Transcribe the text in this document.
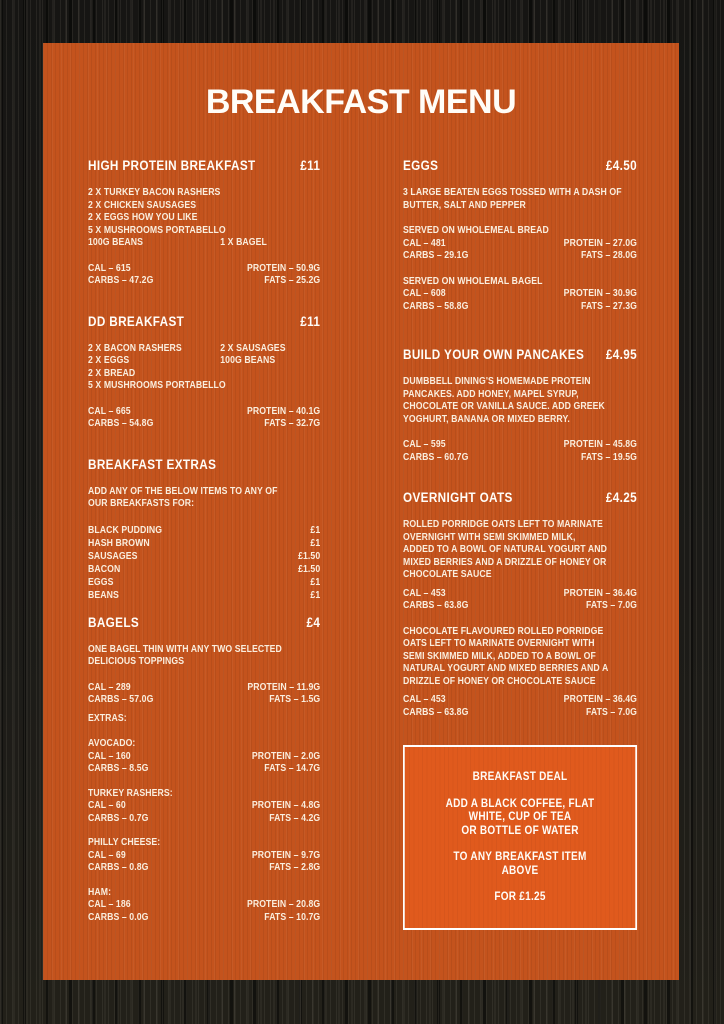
BREAKFAST MENU
HIGH PROTEIN BREAKFAST	£11
2 X TURKEY BACON RASHERS
2 X CHICKEN SAUSAGES
2 X EGGS HOW YOU LIKE
5 X MUSHROOMS PORTABELLO
100G BEANS	1 X BAGEL
CAL – 615	PROTEIN – 50.9G
CARBS – 47.2G	FATS – 25.2G
DD BREAKFAST	£11
2 X BACON RASHERS	2 X SAUSAGES
2 X EGGS	100G BEANS
2 X BREAD
5 X MUSHROOMS PORTABELLO
CAL – 665	PROTEIN – 40.1G
CARBS – 54.8G	FATS – 32.7G
BREAKFAST EXTRAS
ADD ANY OF THE BELOW ITEMS TO ANY OF
OUR BREAKFASTS FOR:
BLACK PUDDING	£1
HASH BROWN	£1
SAUSAGES	£1.50
BACON	£1.50
EGGS	£1
BEANS	£1
BAGELS	£4
ONE BAGEL THIN WITH ANY TWO SELECTED
DELICIOUS TOPPINGS
CAL – 289	PROTEIN – 11.9G
CARBS – 57.0G	FATS – 1.5G
EXTRAS:
AVOCADO:
CAL – 160	PROTEIN – 2.0G
CARBS – 8.5G	FATS – 14.7G
TURKEY RASHERS:
CAL – 60	PROTEIN – 4.8G
CARBS – 0.7G	FATS – 4.2G
PHILLY CHEESE:
CAL – 69	PROTEIN – 9.7G
CARBS – 0.8G	FATS – 2.8G
HAM:
CAL – 186	PROTEIN – 20.8G
CARBS – 0.0G	FATS – 10.7G
EGGS	£4.50
3 LARGE BEATEN EGGS TOSSED WITH A DASH OF
BUTTER, SALT AND PEPPER
SERVED ON WHOLEMEAL BREAD
CAL – 481	PROTEIN – 27.0G
CARBS – 29.1G	FATS – 28.0G
SERVED ON WHOLEMAL BAGEL
CAL – 608	PROTEIN – 30.9G
CARBS – 58.8G	FATS – 27.3G
BUILD YOUR OWN PANCAKES £4.95
DUMBBELL DINING'S HOMEMADE PROTEIN
PANCAKES. ADD HONEY, MAPEL SYRUP,
CHOCOLATE OR VANILLA SAUCE. ADD GREEK
YOGHURT, BANANA OR MIXED BERRY.
CAL – 595	PROTEIN – 45.8G
CARBS – 60.7G	FATS – 19.5G
OVERNIGHT OATS	£4.25
ROLLED PORRIDGE OATS LEFT TO MARINATE
OVERNIGHT WITH SEMI SKIMMED MILK,
ADDED TO A BOWL OF NATURAL YOGURT AND
MIXED BERRIES AND A DRIZZLE OF HONEY OR
CHOCOLATE SAUCE
CAL – 453	PROTEIN – 36.4G
CARBS – 63.8G	FATS – 7.0G
CHOCOLATE FLAVOURED ROLLED PORRIDGE
OATS LEFT TO MARINATE OVERNIGHT WITH
SEMI SKIMMED MILK, ADDED TO A BOWL OF
NATURAL YOGURT AND MIXED BERRIES AND A
DRIZZLE OF HONEY OR CHOCOLATE SAUCE
CAL – 453	PROTEIN – 36.4G
CARBS – 63.8G	FATS – 7.0G
BREAKFAST DEAL
ADD A BLACK COFFEE, FLAT
WHITE, CUP OF TEA
OR BOTTLE OF WATER
TO ANY BREAKFAST ITEM
ABOVE
FOR £1.25
